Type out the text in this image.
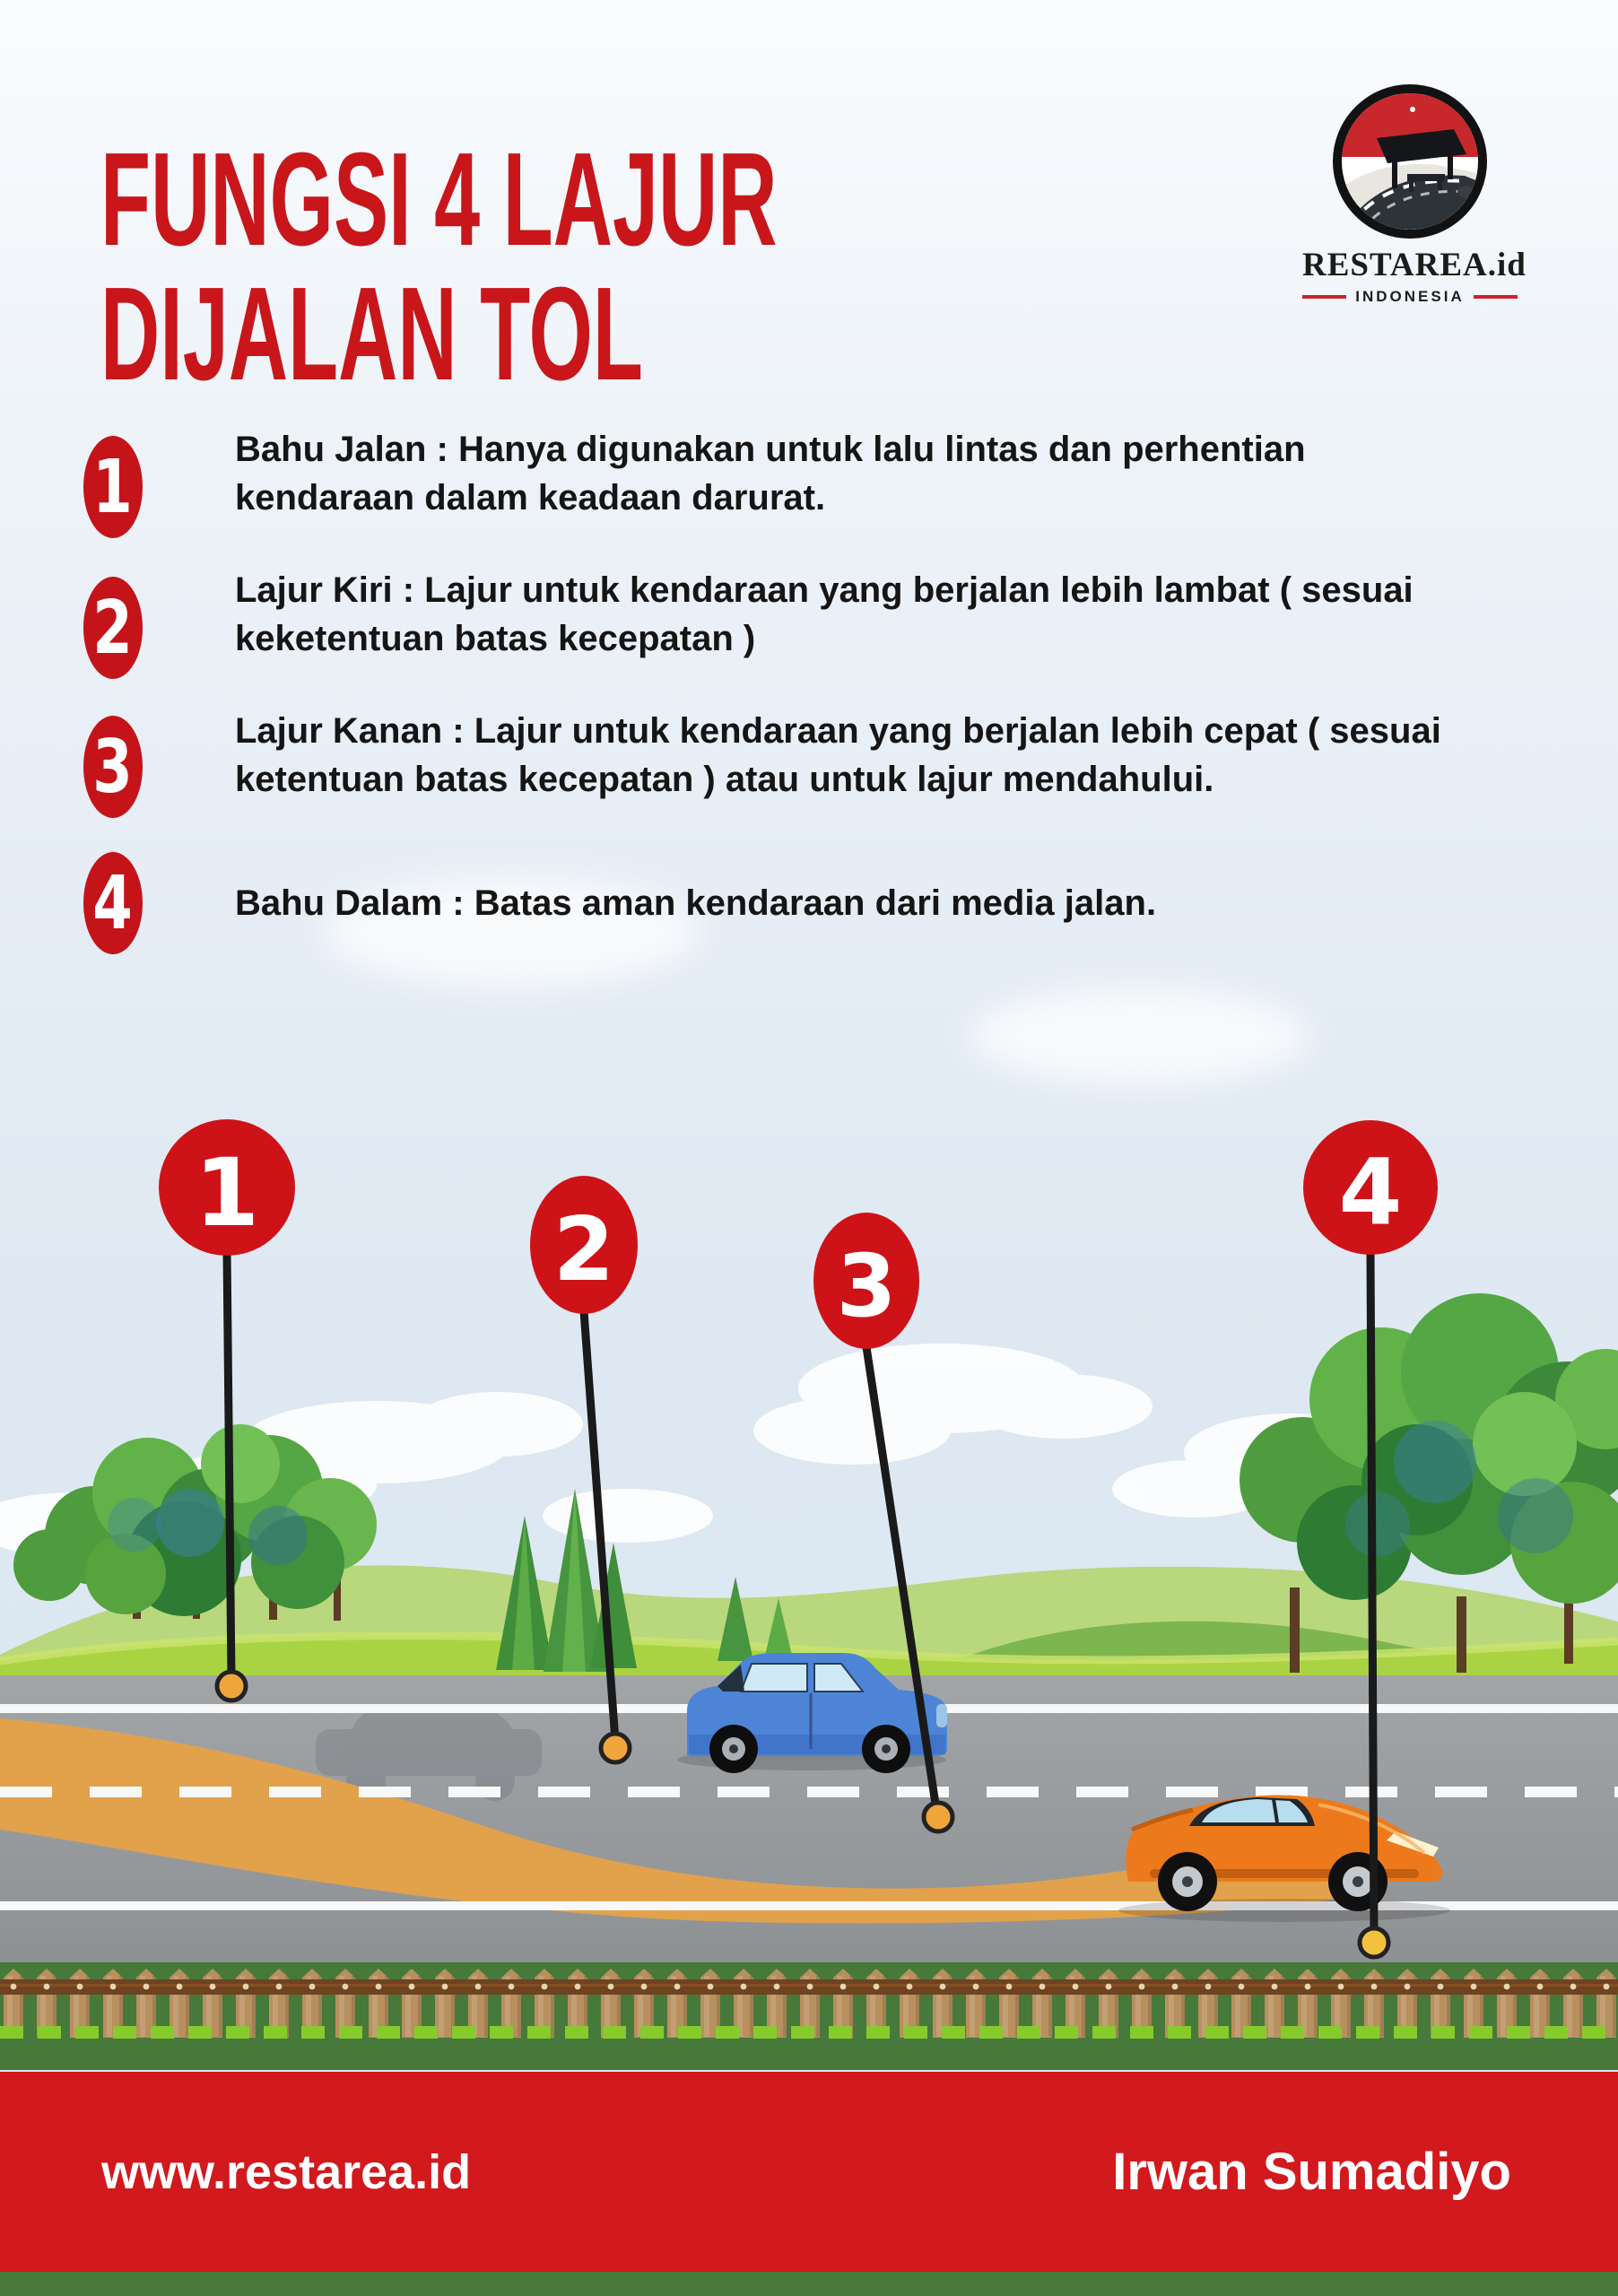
FUNGSI 4 LAJUR
DIJALAN TOL	RESTAREA.id
INDONESIA
1	Bahu Jalan : Hanya digunakan untuk lalu lintas dan perhentian
kendaraan dalam keadaan darurat.
2	Lajur Kiri : Lajur untuk kendaraan yang berjalan lebih lambat ( sesuai
keketentuan batas kecepatan )
3	Lajur Kanan : Lajur untuk kendaraan yang berjalan lebih cepat ( sesuai
ketentuan batas kecepatan ) atau untuk lajur mendahului.
4	Bahu Dalam : Batas aman kendaraan dari media jalan.
1
2	3
4
www.restarea.id	Irwan Sumadiyo
